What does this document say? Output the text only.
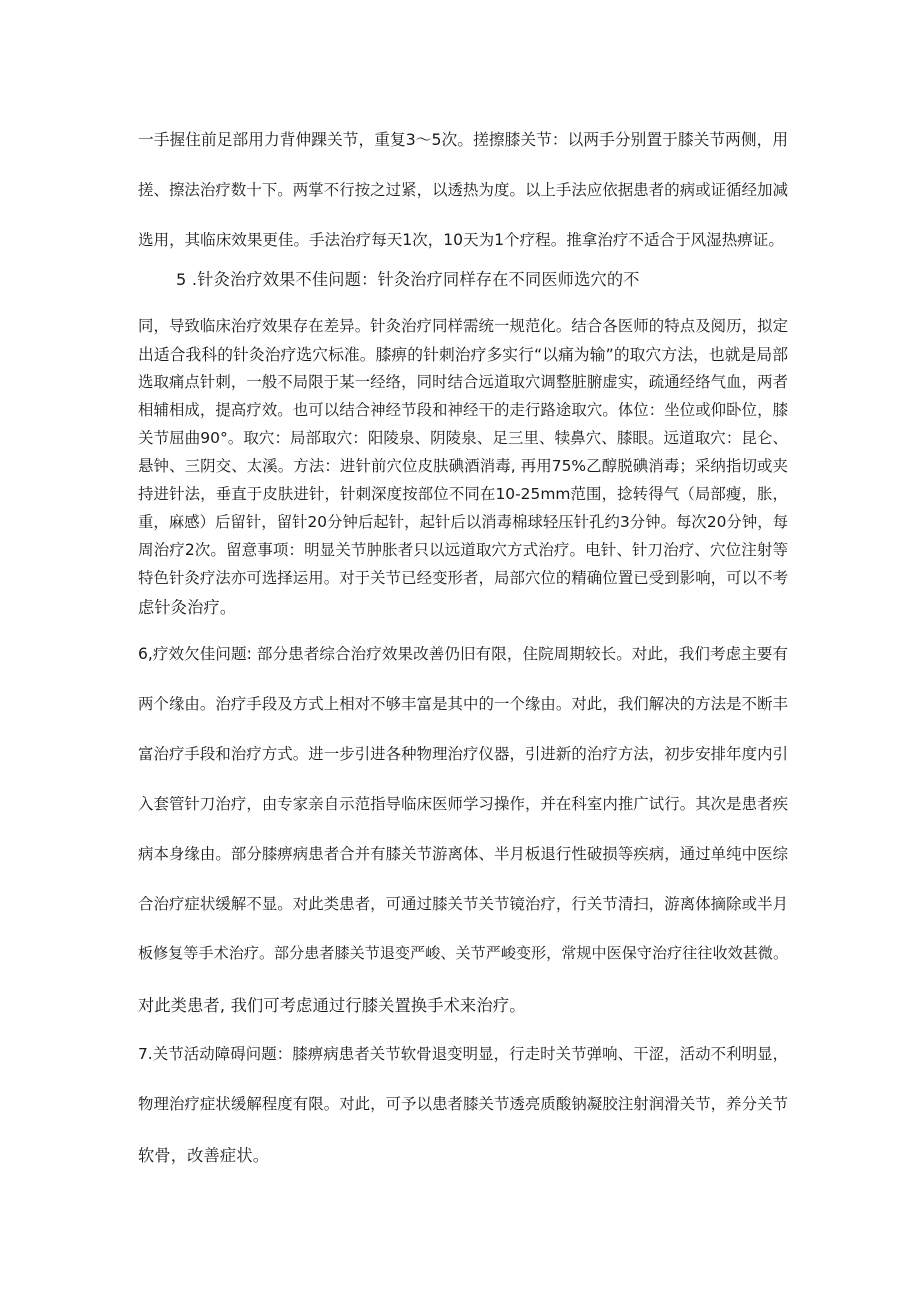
一手握住前足部用力背伸踝关节，重复3～5次。搓擦膝关节：以两手分别置于膝关节两侧，用
搓、擦法治疗数十下。两掌不行按之过紧，以透热为度。以上手法应依据患者的病或证循经加减
选用，其临床效果更佳。手法治疗每天1次，10天为1个疗程。推拿治疗不适合于风湿热痹证。
5 .针灸治疗效果不佳问题：针灸治疗同样存在不同医师选穴的不
同，导致临床治疗效果存在差异。针灸治疗同样需统一规范化。结合各医师的特点及阅历，拟定
出适合我科的针灸治疗选穴标准。膝痹的针刺治疗多实行“以痛为输”的取穴方法，也就是局部
选取痛点针刺，一般不局限于某一经络，同时结合远道取穴调整脏腑虚实，疏通经络气血，两者
相辅相成，提高疗效。也可以结合神经节段和神经干的走行路途取穴。体位：坐位或仰卧位，膝
关节屈曲90°。取穴：局部取穴：阳陵泉、阴陵泉、足三里、犊鼻穴、膝眼。远道取穴：昆仑、
悬钟、三阴交、太溪。方法：进针前穴位皮肤碘酒消毒, 再用75%乙醇脱碘消毒；采纳指切或夹
持进针法，垂直于皮肤进针，针刺深度按部位不同在10-25mm范围，捻转得气（局部瘦，胀，
重，麻感）后留针，留针20分钟后起针，起针后以消毒棉球轻压针孔约3分钟。每次20分钟，每
周治疗2次。留意事项：明显关节肿胀者只以远道取穴方式治疗。电针、针刀治疗、穴位注射等
特色针灸疗法亦可选择运用。对于关节已经变形者，局部穴位的精确位置已受到影响，可以不考
虑针灸治疗。
6,疗效欠佳问题: 部分患者综合治疗效果改善仍旧有限，住院周期较长。对此，我们考虑主要有
两个缘由。治疗手段及方式上相对不够丰富是其中的一个缘由。对此，我们解决的方法是不断丰
富治疗手段和治疗方式。进一步引进各种物理治疗仪器，引进新的治疗方法，初步安排年度内引
入套管针刀治疗，由专家亲自示范指导临床医师学习操作，并在科室内推广试行。其次是患者疾
病本身缘由。部分膝痹病患者合并有膝关节游离体、半月板退行性破损等疾病，通过单纯中医综
合治疗症状缓解不显。对此类患者，可通过膝关节关节镜治疗，行关节清扫，游离体摘除或半月
板修复等手术治疗。部分患者膝关节退变严峻、关节严峻变形，常规中医保守治疗往往收效甚微。
对此类患者, 我们可考虑通过行膝关置换手术来治疗。
7.关节活动障碍问题：膝痹病患者关节软骨退变明显，行走时关节弹响、干涩，活动不利明显，
物理治疗症状缓解程度有限。对此，可予以患者膝关节透亮质酸钠凝胶注射润滑关节，养分关节
软骨，改善症状。
